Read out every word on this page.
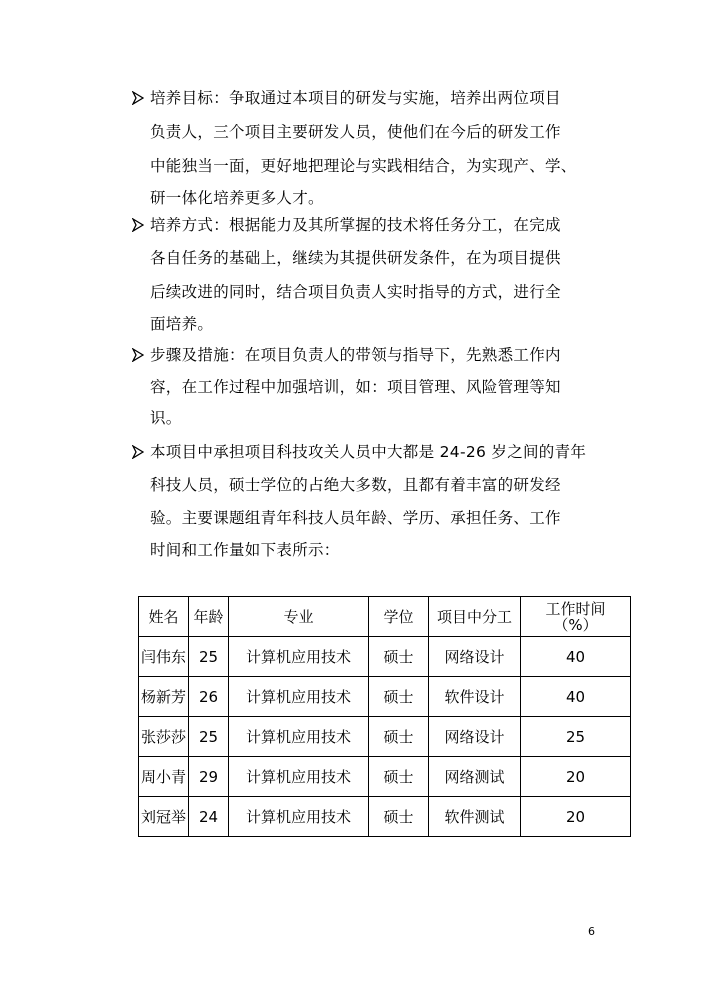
培养目标：争取通过本项目的研发与实施，培养出两位项目
负责人，三个项目主要研发人员，使他们在今后的研发工作
中能独当一面，更好地把理论与实践相结合，为实现产、学、
研一体化培养更多人才。
培养方式：根据能力及其所掌握的技术将任务分工，在完成
各自任务的基础上，继续为其提供研发条件，在为项目提供
后续改进的同时，结合项目负责人实时指导的方式，进行全
面培养。
步骤及措施：在项目负责人的带领与指导下，先熟悉工作内
容，在工作过程中加强培训，如：项目管理、风险管理等知
识。
本项目中承担项目科技攻关人员中大都是 24-26 岁之间的青年
科技人员，硕士学位的占绝大多数，且都有着丰富的研发经
验。主要课题组青年科技人员年龄、学历、承担任务、工作
时间和工作量如下表所示：
姓名	年龄	专业	学位	项目中分工	工作时间
（%）

闫伟东	25	计算机应用技术	硕士	网络设计	40
杨新芳	26	计算机应用技术	硕士	软件设计	40
张莎莎	25	计算机应用技术	硕士	网络设计	25
周小青	29	计算机应用技术	硕士	网络测试	20
刘冠举	24	计算机应用技术	硕士	软件测试	20
6
